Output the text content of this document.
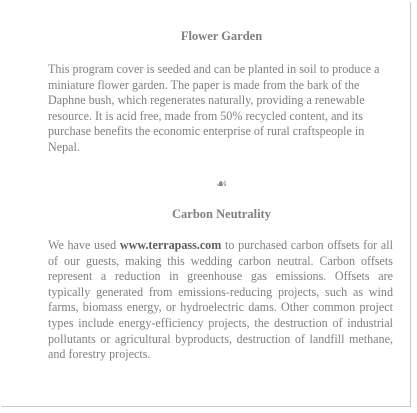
Flower Garden

This program cover is seeded and can be planted in soil to produce a miniature flower garden. The paper is made from the bark of the Daphne bush, which regenerates naturally, providing a renewable resource. It is acid free, made from 50% recycled content, and its purchase benefits the economic enterprise of rural craftspeople in Nepal.

☙
Carbon Neutrality

We have used www.terrapass.com to purchased carbon offsets for all of our guests, making this wedding carbon neutral. Carbon offsets represent a reduction in greenhouse gas emissions. Offsets are typically generated from emissions-reducing projects, such as wind farms, biomass energy, or hydroelectric dams. Other common project types include energy-efficiency projects, the destruction of industrial pollutants or agricultural byproducts, destruction of landfill methane, and forestry projects.
